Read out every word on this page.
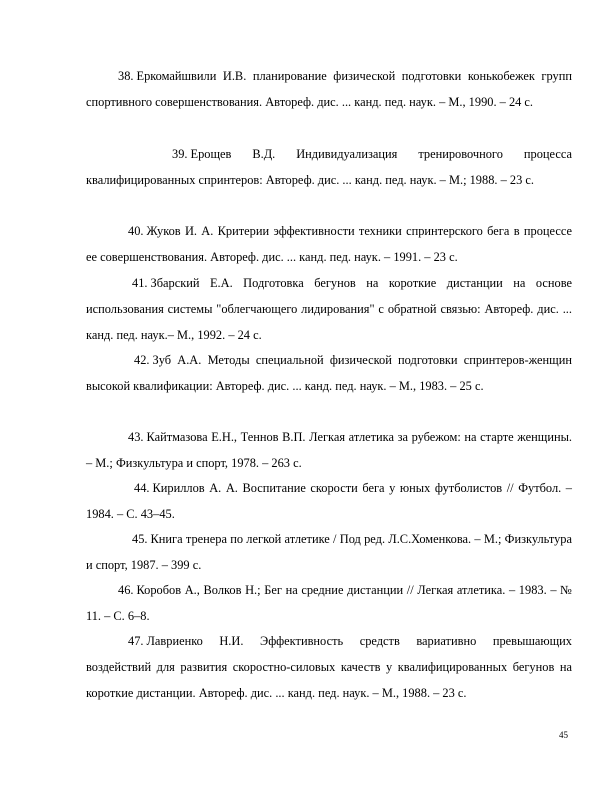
38. Еркомайшвили И.В. планирование физической подготовки конькобежек групп спортивного совершенствования. Автореф. дис. ... канд. пед. наук. – М., 1990. – 24 с.

39. Ерощев В.Д. Индивидуализация тренировочного процесса квалифицированных спринтеров: Автореф. дис. ... канд. пед. наук. – М.; 1988. – 23 с.

40. Жуков И. А. Критерии эффективности техники спринтерского бега в процессе ее совершенствования. Автореф. дис. ... канд. пед. наук. – 1991. – 23 с.

41. Збарский Е.А. Подготовка бегунов на короткие дистанции на основе использования системы "облегчающего лидирования" с обратной связью: Автореф. дис. ... канд. пед. наук.– М., 1992. – 24 с.

42. Зуб А.А. Методы специальной физической подготовки спринтеров-женщин высокой квалификации: Автореф. дис. ... канд. пед. наук. – М., 1983. – 25 с.

43. Кайтмазова Е.Н., Теннов В.П. Легкая атлетика за рубежом: на старте женщины. – М.; Физкультура и спорт, 1978. – 263 с.

44. Кириллов А. А. Воспитание скорости бега у юных футболистов // Футбол. – 1984. – С. 43–45.

45. Книга тренера по легкой атлетике / Под ред. Л.С.Хоменкова. – М.; Физкультура и спорт, 1987. – 399 с.

46. Коробов А., Волков Н.; Бег на средние дистанции // Легкая атлетика. – 1983. – № 11. – С. 6–8.

47. Лавриенко Н.И. Эффективность средств вариативно превышающих воздействий для развития скоростно-силовых качеств у квалифицированных бегунов на короткие дистанции. Автореф. дис. ... канд. пед. наук. – М., 1988. – 23 с.

45
